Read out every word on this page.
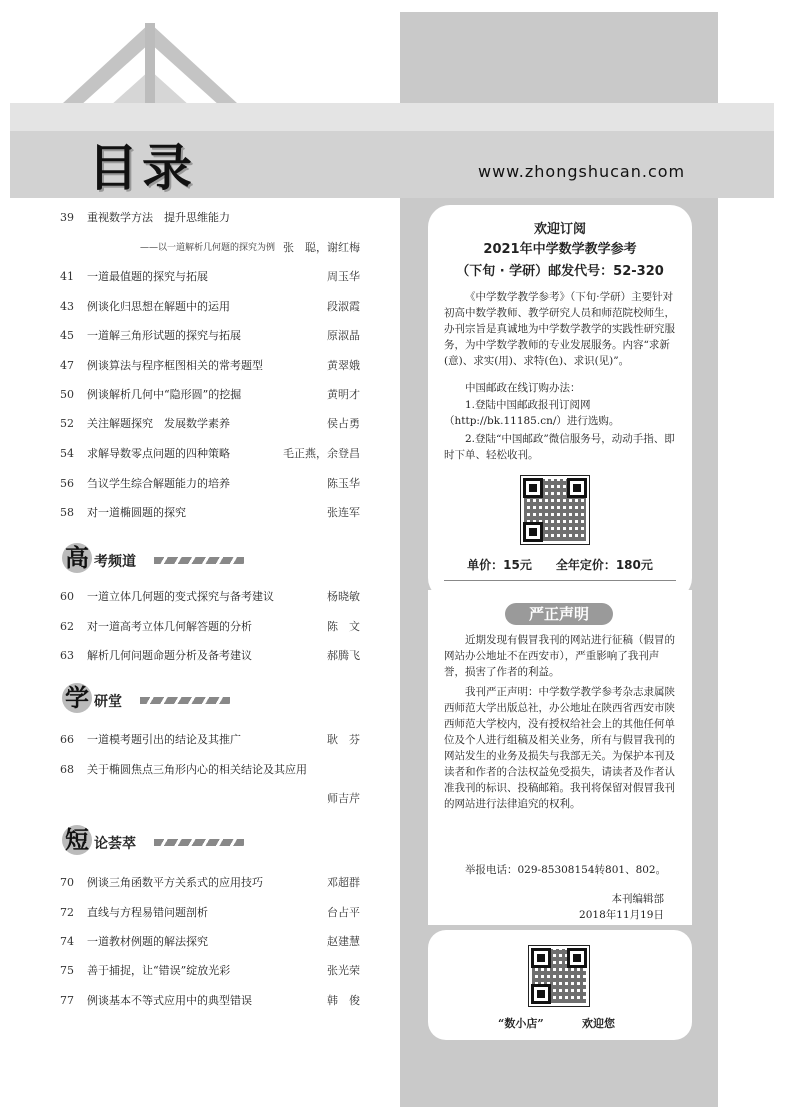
目录	www.zhongshucan.com
39	重视数学方法　提升思维能力
——以一道解析几何题的探究为例 张　聪，谢红梅
41	一道最值题的探究与拓展	周玉华
43	例谈化归思想在解题中的运用	段淑霞
45	一道解三角形试题的探究与拓展	原淑晶
47	例谈算法与程序框图相关的常考题型	黄翠娥
50	例谈解析几何中“隐形圆”的挖掘	黄明才
52	关注解题探究　发展数学素养	侯占勇
54	求解导数零点问题的四种策略	毛正燕，余登昌
56	刍议学生综合解题能力的培养	陈玉华
58	对一道椭圆题的探究	张连军
高 考频道
60	一道立体几何题的变式探究与备考建议	杨晓敏
62	对一道高考立体几何解答题的分析	陈　文
63	解析几何问题命题分析及备考建议	郝腾飞
学 研堂
66	一道模考题引出的结论及其推广	耿　芬
68	关于椭圆焦点三角形内心的相关结论及其应用
师吉芹
短 论荟萃
70	例谈三角函数平方关系式的应用技巧	邓超群
72	直线与方程易错问题剖析	台占平
74	一道教材例题的解法探究	赵建慧
75	善于捕捉，让“错误”绽放光彩	张光荣
77	例谈基本不等式应用中的典型错误	韩　俊
欢迎订阅
2021年中学数学教学参考
（下旬 · 学研）邮发代号：52-320
《中学数学教学参考》（下旬·学研）主要针对初高中数学教师、教学研究人员和师范院校师生，办刊宗旨是真诚地为中学数学教学的实践性研究服务，为中学数学教师的专业发展服务。内容“求新(意)、求实(用)、求特(色)、求识(见)”。
中国邮政在线订购办法：
1.登陆中国邮政报刊订阅网（http://bk.11185.cn/）进行选购。
2.登陆“中国邮政”微信服务号，动动手指、即时下单、轻松收刊。
单价：15元　　全年定价：180元
严正声明
近期发现有假冒我刊的网站进行征稿（假冒的网站办公地址不在西安市），严重影响了我刊声誉，损害了作者的利益。
我刊严正声明：中学数学教学参考杂志隶属陕西师范大学出版总社，办公地址在陕西省西安市陕西师范大学校内，没有授权给社会上的其他任何单位及个人进行组稿及相关业务，所有与假冒我刊的网站发生的业务及损失与我部无关。为保护本刊及读者和作者的合法权益免受损失，请读者及作者认准我刊的标识、投稿邮箱。我刊将保留对假冒我刊的网站进行法律追究的权利。
举报电话：029-85308154转801、802。
本刊编辑部
2018年11月19日
“数小店”	欢迎您
